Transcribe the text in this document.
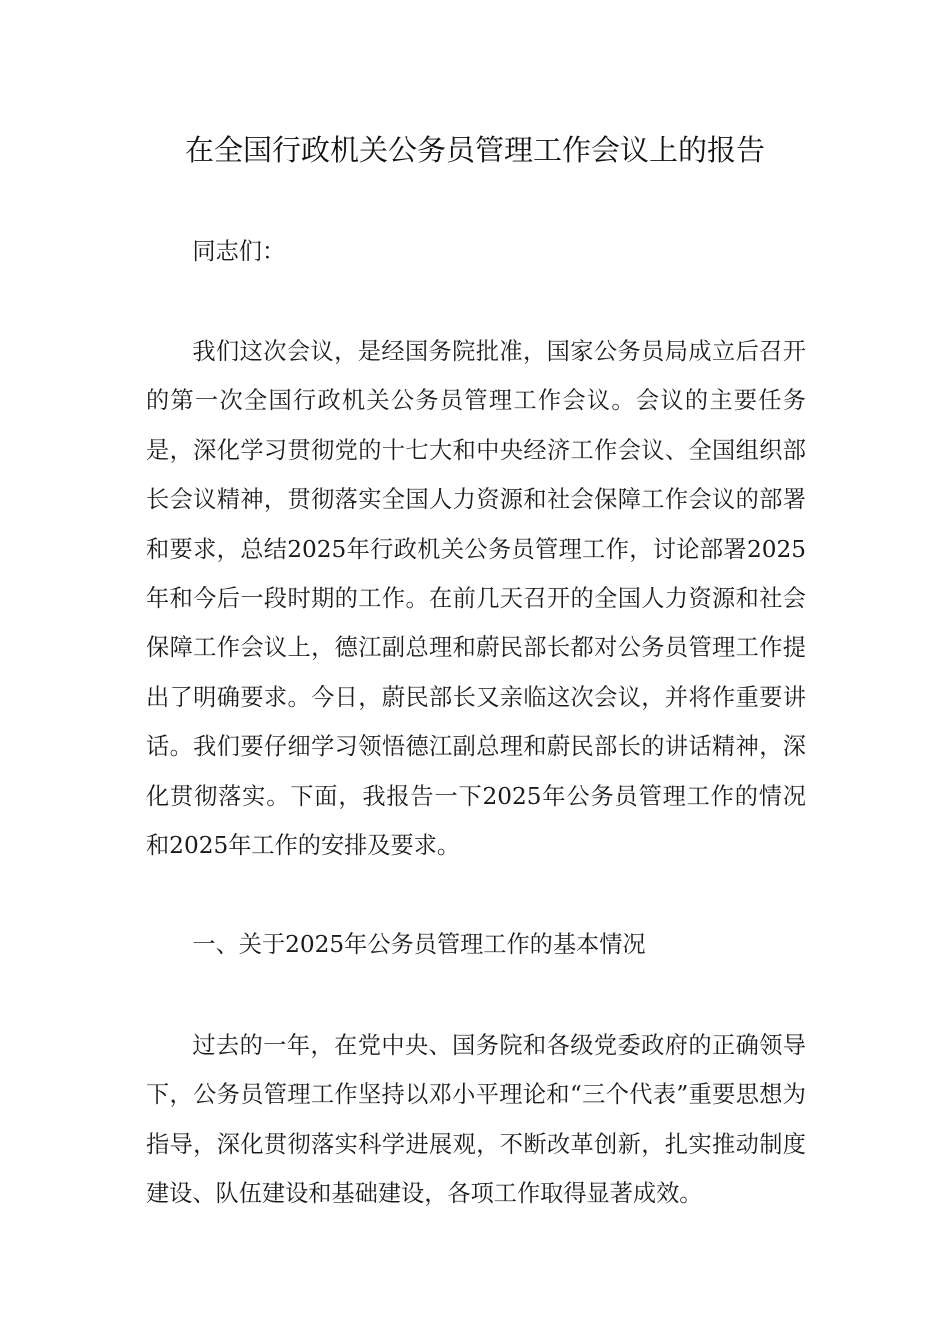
在全国行政机关公务员管理工作会议上的报告

同志们：

我们这次会议，是经国务院批准，国家公务员局成立后召开的第一次全国行政机关公务员管理工作会议。会议的主要任务是，深化学习贯彻党的十七大和中央经济工作会议、全国组织部长会议精神，贯彻落实全国人力资源和社会保障工作会议的部署和要求，总结2025年行政机关公务员管理工作，讨论部署2025年和今后一段时期的工作。在前几天召开的全国人力资源和社会保障工作会议上，德江副总理和蔚民部长都对公务员管理工作提出了明确要求。今日，蔚民部长又亲临这次会议，并将作重要讲话。我们要仔细学习领悟德江副总理和蔚民部长的讲话精神，深化贯彻落实。下面，我报告一下2025年公务员管理工作的情况和2025年工作的安排及要求。

一、关于2025年公务员管理工作的基本情况

过去的一年，在党中央、国务院和各级党委政府的正确领导下，公务员管理工作坚持以邓小平理论和“三个代表”重要思想为指导，深化贯彻落实科学进展观，不断改革创新，扎实推动制度建设、队伍建设和基础建设，各项工作取得显著成效。
